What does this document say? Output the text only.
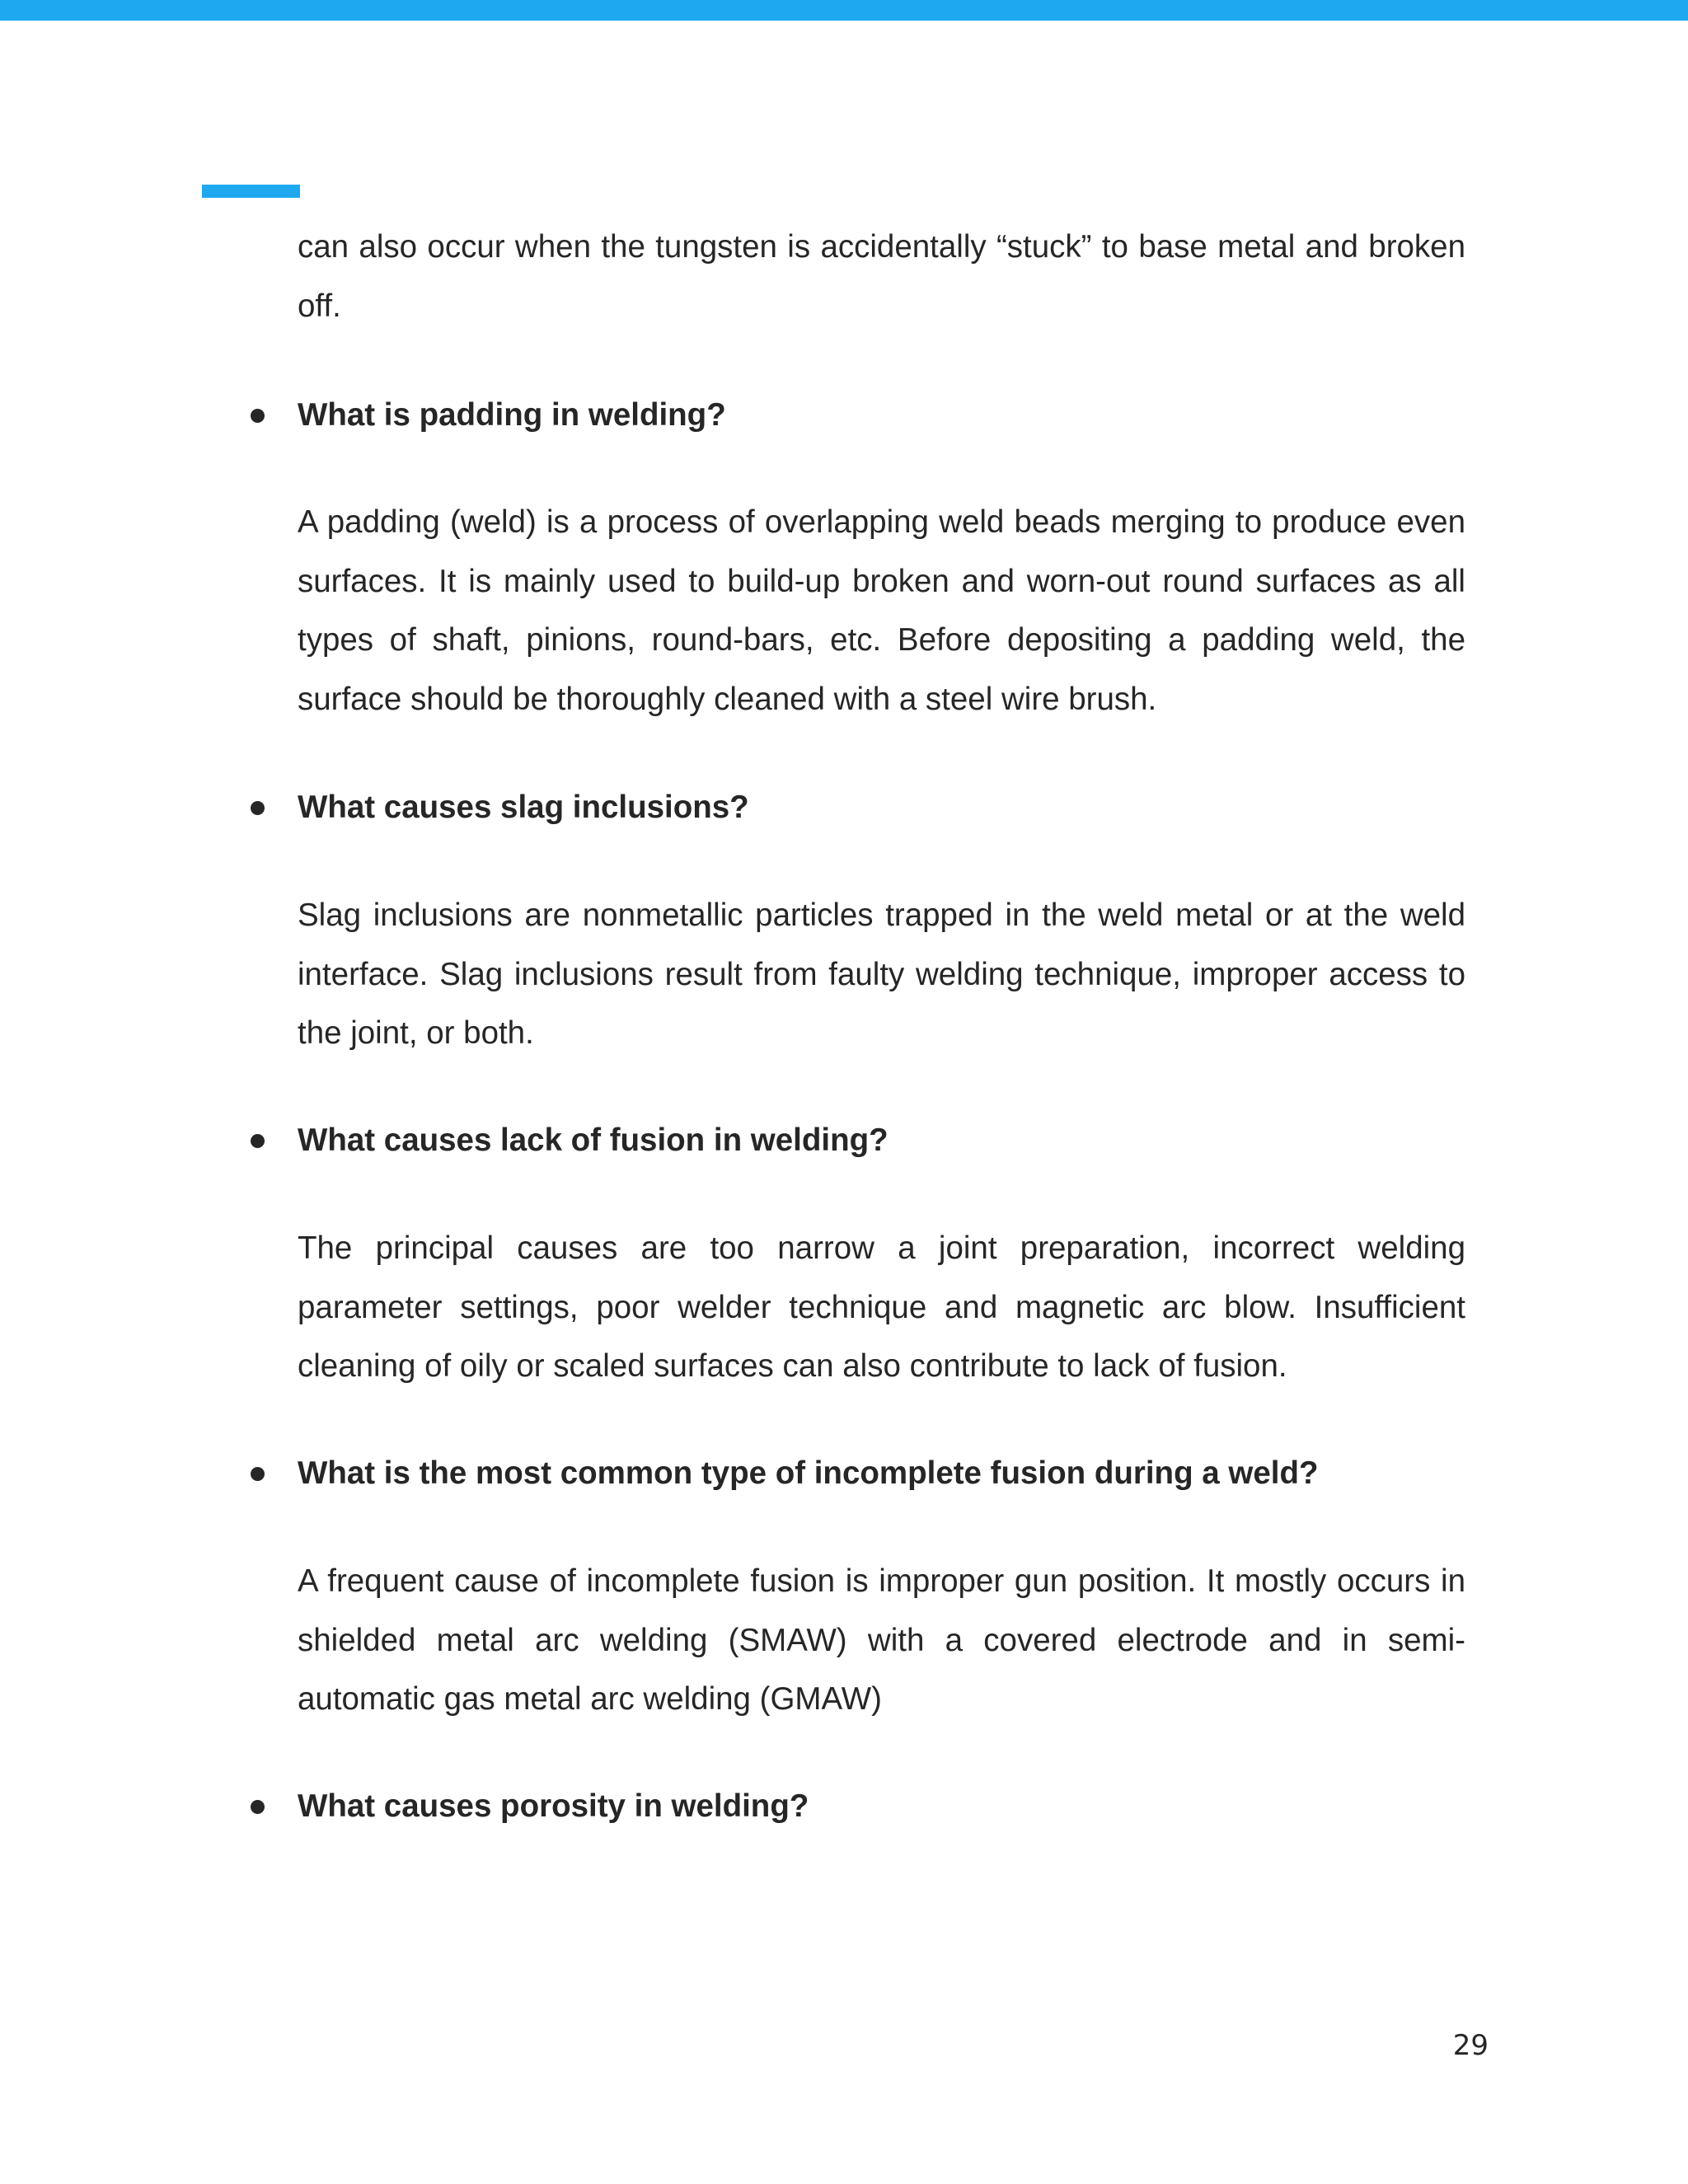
can also occur when the tungsten is accidentally “stuck” to base metal and broken off.

What is padding in welding?

A padding (weld) is a process of overlapping weld beads merging to produce even surfaces. It is mainly used to build-up broken and worn-out round surfaces as all types of shaft, pinions, round-bars, etc. Before depositing a padding weld, the surface should be thoroughly cleaned with a steel wire brush.

What causes slag inclusions?

Slag inclusions are nonmetallic particles trapped in the weld metal or at the weld interface. Slag inclusions result from faulty welding technique, improper access to the joint, or both.

What causes lack of fusion in welding?

The principal causes are too narrow a joint preparation, incorrect welding parameter settings, poor welder technique and magnetic arc blow. Insufficient cleaning of oily or scaled surfaces can also contribute to lack of fusion.

What is the most common type of incomplete fusion during a weld?

A frequent cause of incomplete fusion is improper gun position. It mostly occurs in shielded metal arc welding (SMAW) with a covered electrode and in semi-automatic gas metal arc welding (GMAW)

What causes porosity in welding?

29
